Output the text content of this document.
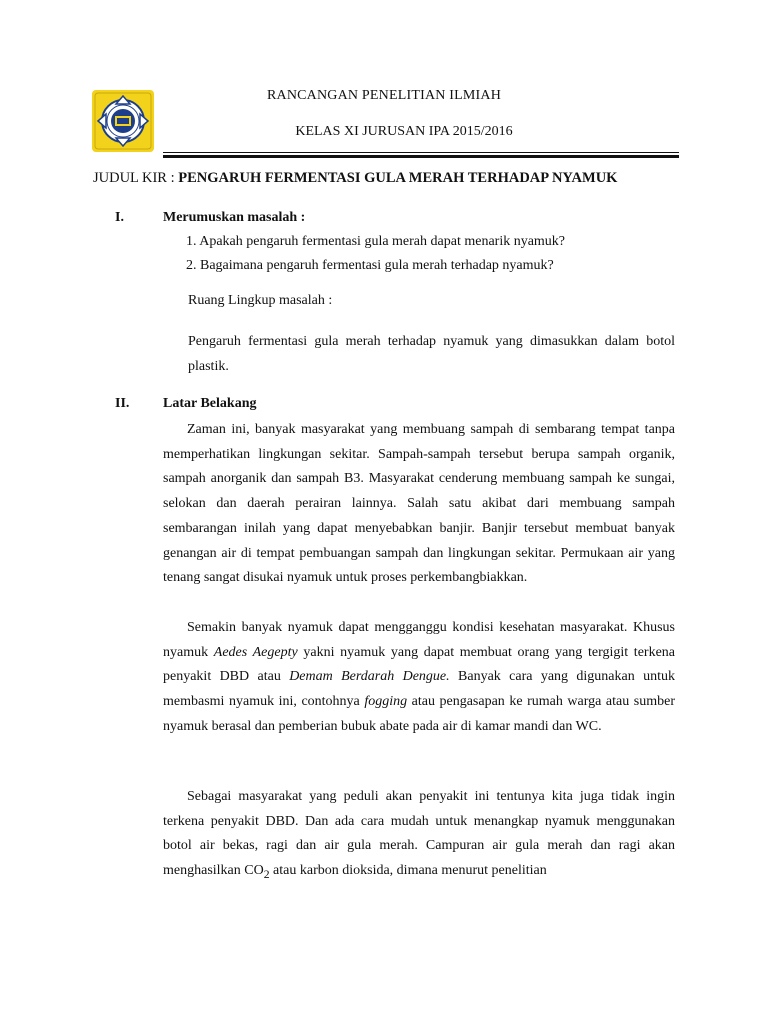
RANCANGAN PENELITIAN ILMIAH
KELAS XI JURUSAN IPA 2015/2016
JUDUL KIR : PENGARUH FERMENTASI GULA MERAH TERHADAP NYAMUK
I.	Merumuskan masalah :
1. Apakah pengaruh fermentasi gula merah dapat menarik nyamuk?
2. Bagaimana pengaruh fermentasi gula merah terhadap nyamuk?
Ruang Lingkup masalah :
Pengaruh fermentasi gula merah terhadap nyamuk yang dimasukkan dalam botol plastik.
II. Latar Belakang
Zaman ini, banyak masyarakat yang membuang sampah di sembarang tempat tanpa memperhatikan lingkungan sekitar. Sampah-sampah tersebut berupa sampah organik, sampah anorganik dan sampah B3. Masyarakat cenderung membuang sampah ke sungai, selokan dan daerah perairan lainnya. Salah satu akibat dari membuang sampah sembarangan inilah yang dapat menyebabkan banjir. Banjir tersebut membuat banyak genangan air di tempat pembuangan sampah dan lingkungan sekitar. Permukaan air yang tenang sangat disukai nyamuk untuk proses perkembangbiakkan.
Semakin banyak nyamuk dapat mengganggu kondisi kesehatan masyarakat. Khusus nyamuk Aedes Aegepty yakni nyamuk yang dapat membuat orang yang tergigit terkena penyakit DBD atau Demam Berdarah Dengue. Banyak cara yang digunakan untuk membasmi nyamuk ini, contohnya fogging atau pengasapan ke rumah warga atau sumber nyamuk berasal dan pemberian bubuk abate pada air di kamar mandi dan WC.
Sebagai masyarakat yang peduli akan penyakit ini tentunya kita juga tidak ingin terkena penyakit DBD. Dan ada cara mudah untuk menangkap nyamuk menggunakan botol air bekas, ragi dan air gula merah. Campuran air gula merah dan ragi akan menghasilkan $CO_2$ atau karbon dioksida, dimana menurut penelitian
